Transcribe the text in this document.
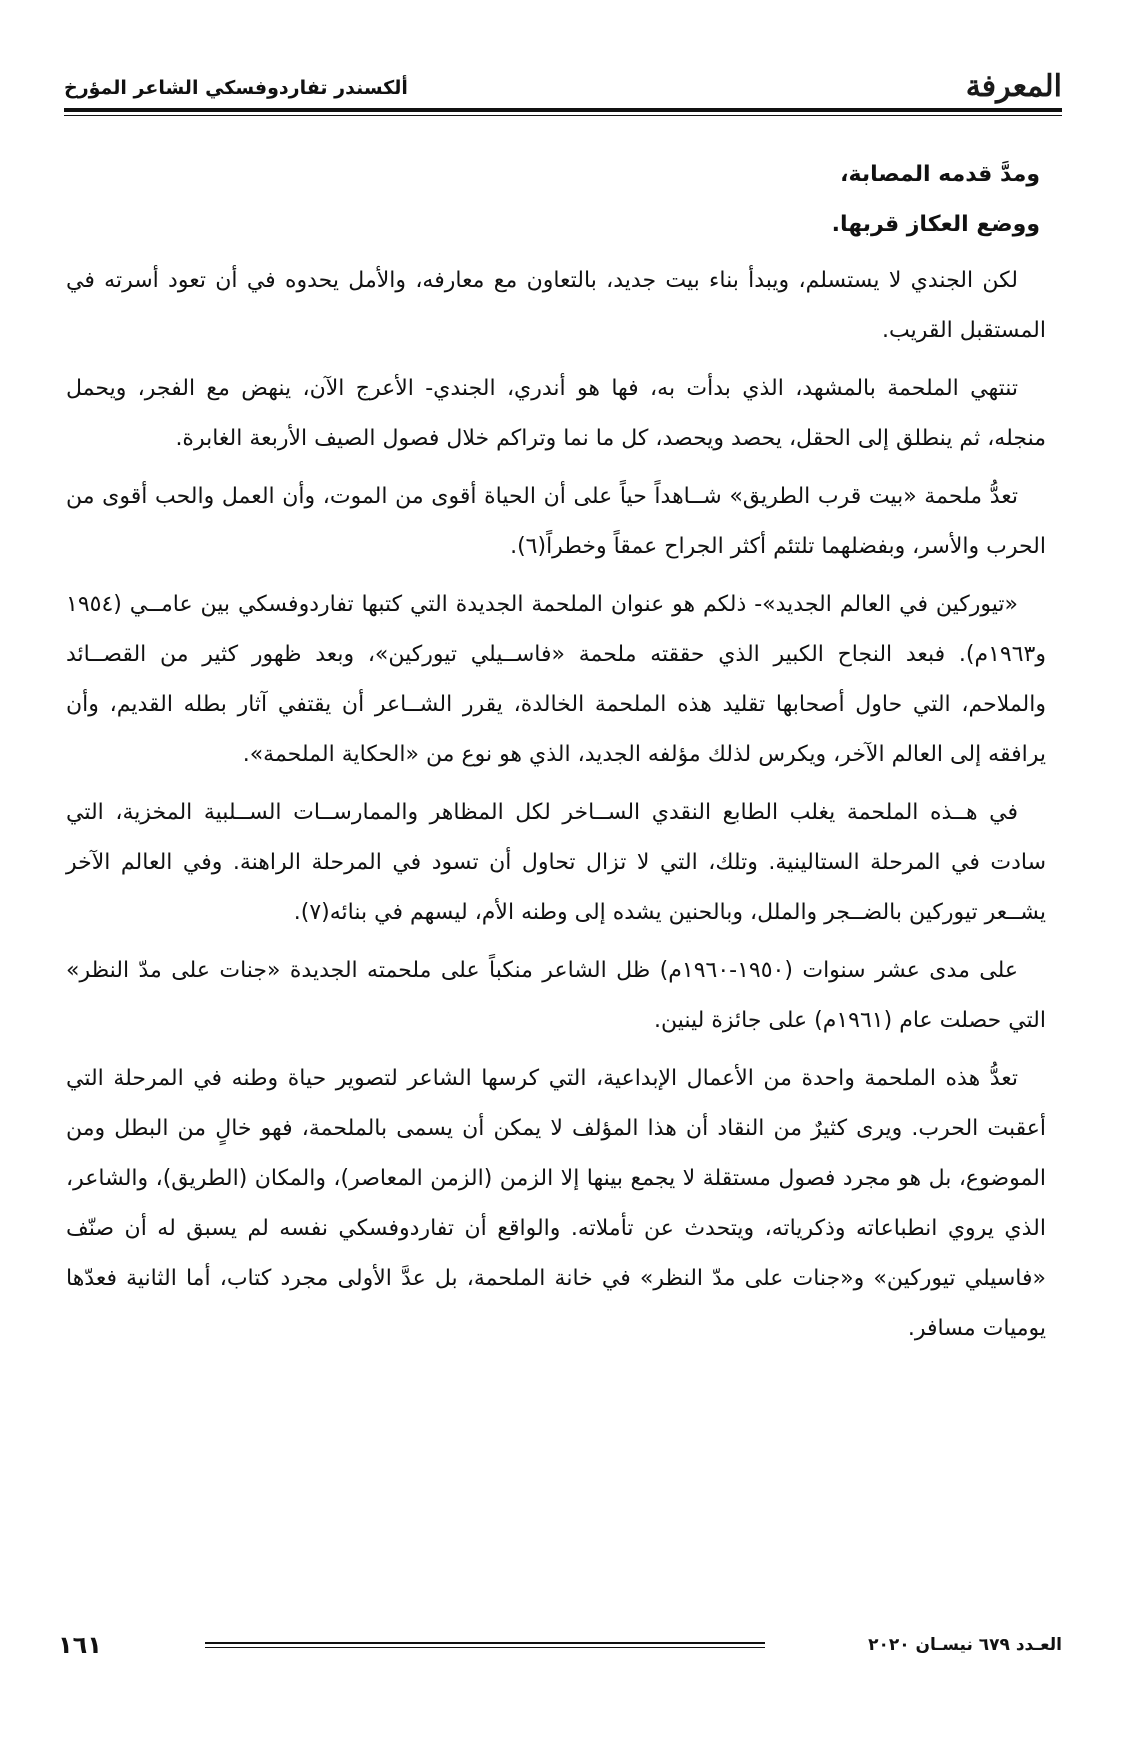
المعرفة
ألكسندر تفاردوفسكي الشاعر المؤرخ

ومدَّ قدمه المصابة،

ووضع العكاز قربها.

لكن الجندي لا يستسلم، ويبدأ بناء بيت جديد، بالتعاون مع معارفه، والأمل يحدوه في أن تعود أسرته في المستقبل القريب.

تنتهي الملحمة بالمشهد، الذي بدأت به، فها هو أندري، الجندي- الأعرج الآن، ينهض مع الفجر، ويحمل منجله، ثم ينطلق إلى الحقل، يحصد ويحصد، كل ما نما وتراكم خلال فصول الصيف الأربعة الغابرة.

تعدُّ ملحمة «بيت قرب الطريق» شــاهداً حياً على أن الحياة أقوى من الموت، وأن العمل والحب أقوى من الحرب والأسر، وبفضلهما تلتئم أكثر الجراح عمقاً وخطراً(٦).

«تيوركين في العالم الجديد»- ذلكم هو عنوان الملحمة الجديدة التي كتبها تفاردوفسكي بين عامــي (١٩٥٤ و١٩٦٣م). فبعد النجاح الكبير الذي حققته ملحمة «فاســيلي تيوركين»، وبعد ظهور كثير من القصــائد والملاحم، التي حاول أصحابها تقليد هذه الملحمة الخالدة، يقرر الشــاعر أن يقتفي آثار بطله القديم، وأن يرافقه إلى العالم الآخر، ويكرس لذلك مؤلفه الجديد، الذي هو نوع من «الحكاية الملحمة».

في هــذه الملحمة يغلب الطابع النقدي الســاخر لكل المظاهر والممارســات الســلبية المخزية، التي سادت في المرحلة الستالينية. وتلك، التي لا تزال تحاول أن تسود في المرحلة الراهنة. وفي العالم الآخر يشــعر تيوركين بالضــجر والملل، وبالحنين يشده إلى وطنه الأم، ليسهم في بنائه(٧).

على مدى عشر سنوات (١٩٥٠-١٩٦٠م) ظل الشاعر منكباً على ملحمته الجديدة «جنات على مدّ النظر» التي حصلت عام (١٩٦١م) على جائزة لينين.

تعدُّ هذه الملحمة واحدة من الأعمال الإبداعية، التي كرسها الشاعر لتصوير حياة وطنه في المرحلة التي أعقبت الحرب. ويرى كثيرٌ من النقاد أن هذا المؤلف لا يمكن أن يسمى بالملحمة، فهو خالٍ من البطل ومن الموضوع، بل هو مجرد فصول مستقلة لا يجمع بينها إلا الزمن (الزمن المعاصر)، والمكان (الطريق)، والشاعر، الذي يروي انطباعاته وذكرياته، ويتحدث عن تأملاته. والواقع أن تفاردوفسكي نفسه لم يسبق له أن صنّف «فاسيلي تيوركين» و«جنات على مدّ النظر» في خانة الملحمة، بل عدَّ الأولى مجرد كتاب، أما الثانية فعدّها يوميات مسافر.

العـدد ٦٧٩ نيسـان ٢٠٢٠
١٦١
